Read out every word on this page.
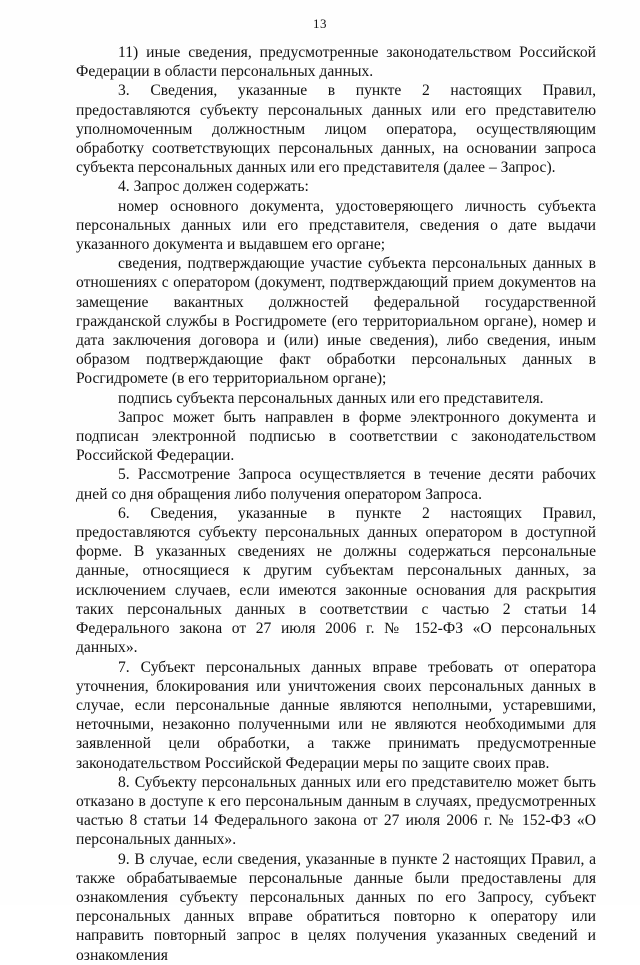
13

11) иные сведения, предусмотренные законодательством Российской Федерации в области персональных данных.

3. Сведения, указанные в пункте 2 настоящих Правил, предоставляются субъекту персональных данных или его представителю уполномоченным должностным лицом оператора, осуществляющим обработку соответствующих персональных данных, на основании запроса субъекта персональных данных или его представителя (далее – Запрос).

4. Запрос должен содержать:

номер основного документа, удостоверяющего личность субъекта персональных данных или его представителя, сведения о дате выдачи указанного документа и выдавшем его органе;

сведения, подтверждающие участие субъекта персональных данных в отношениях с оператором (документ, подтверждающий прием документов на замещение вакантных должностей федеральной государственной гражданской службы в Росгидромете (его территориальном органе), номер и дата заключения договора и (или) иные сведения), либо сведения, иным образом подтверждающие факт обработки персональных данных в Росгидромете (в его территориальном органе);

подпись субъекта персональных данных или его представителя.

Запрос может быть направлен в форме электронного документа и подписан электронной подписью в соответствии с законодательством Российской Федерации.

5. Рассмотрение Запроса осуществляется в течение десяти рабочих дней со дня обращения либо получения оператором Запроса.

6. Сведения, указанные в пункте 2 настоящих Правил, предоставляются субъекту персональных данных оператором в доступной форме. В указанных сведениях не должны содержаться персональные данные, относящиеся к другим субъектам персональных данных, за исключением случаев, если имеются законные основания для раскрытия таких персональных данных в соответствии с частью 2 статьи 14 Федерального закона от 27 июля 2006 г. № 152-ФЗ «О персональных данных».

7. Субъект персональных данных вправе требовать от оператора уточнения, блокирования или уничтожения своих персональных данных в случае, если персональные данные являются неполными, устаревшими, неточными, незаконно полученными или не являются необходимыми для заявленной цели обработки, а также принимать предусмотренные законодательством Российской Федерации меры по защите своих прав.

8. Субъекту персональных данных или его представителю может быть отказано в доступе к его персональным данным в случаях, предусмотренных частью 8 статьи 14 Федерального закона от 27 июля 2006 г. № 152-ФЗ «О персональных данных».

9. В случае, если сведения, указанные в пункте 2 настоящих Правил, а также обрабатываемые персональные данные были предоставлены для ознакомления субъекту персональных данных по его Запросу, субъект персональных данных вправе обратиться повторно к оператору или направить повторный запрос в целях получения указанных сведений и ознакомления
